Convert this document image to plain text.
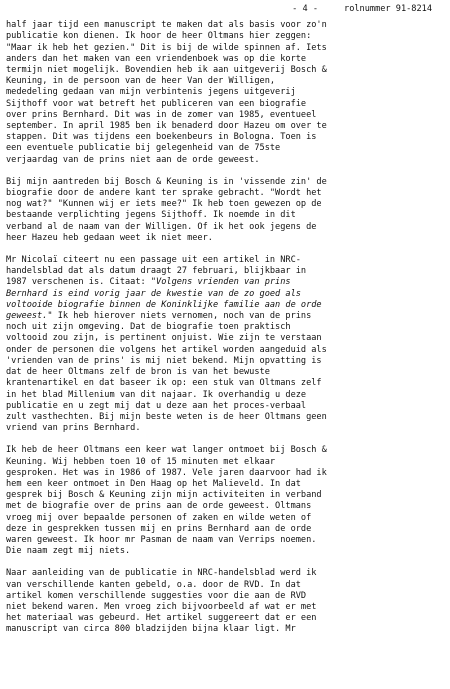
- 4 -	rolnummer 91-8214
half jaar tijd een manuscript te maken dat als basis voor zo'n
publicatie kon dienen. Ik hoor de heer Oltmans hier zeggen:
"Maar ik heb het gezien." Dit is bij de wilde spinnen af. Iets
anders dan het maken van een vriendenboek was op die korte
termijn niet mogelijk. Bovendien heb ik aan uitgeverij Bosch &
Keuning, in de persoon van de heer Van der Willigen,
mededeling gedaan van mijn verbintenis jegens uitgeverij
Sijthoff voor wat betreft het publiceren van een biografie
over prins Bernhard. Dit was in de zomer van 1985, eventueel
september. In april 1985 ben ik benaderd door Hazeu om over te
stappen. Dit was tijdens een boekenbeurs in Bologna. Toen is
een eventuele publicatie bij gelegenheid van de 75ste
verjaardag van de prins niet aan de orde geweest.
Bij mijn aantreden bij Bosch & Keuning is in 'vissende zin' de
biografie door de andere kant ter sprake gebracht. "Wordt het
nog wat?" "Kunnen wij er iets mee?" Ik heb toen gewezen op de
bestaande verplichting jegens Sijthoff. Ik noemde in dit
verband al de naam van der Willigen. Of ik het ook jegens de
heer Hazeu heb gedaan weet ik niet meer.
Mr Nicolaï citeert nu een passage uit een artikel in NRC-
handelsblad dat als datum draagt 27 februari, blijkbaar in
1987 verschenen is. Citaat: "Volgens vrienden van prins
Bernhard is eind vorig jaar de kwestie van de zo goed als
voltooide biografie binnen de Koninklijke familie aan de orde
geweest." Ik heb hierover niets vernomen, noch van de prins
noch uit zijn omgeving. Dat de biografie toen praktisch
voltooid zou zijn, is pertinent onjuist. Wie zijn te verstaan
onder de personen die volgens het artikel worden aangeduid als
'vrienden van de prins' is mij niet bekend. Mijn opvatting is
dat de heer Oltmans zelf de bron is van het bewuste
krantenartikel en dat baseer ik op: een stuk van Oltmans zelf
in het blad Millenium van dit najaar. Ik overhandig u deze
publicatie en u zegt mij dat u deze aan het proces-verbaal
zult vasthechten. Bij mijn beste weten is de heer Oltmans geen
vriend van prins Bernhard.
Ik heb de heer Oltmans een keer wat langer ontmoet bij Bosch &
Keuning. Wij hebben toen 10 of 15 minuten met elkaar
gesproken. Het was in 1986 of 1987. Vele jaren daarvoor had ik
hem een keer ontmoet in Den Haag op het Malieveld. In dat
gesprek bij Bosch & Keuning zijn mijn activiteiten in verband
met de biografie over de prins aan de orde geweest. Oltmans
vroeg mij over bepaalde personen of zaken en wilde weten of
deze in gesprekken tussen mij en prins Bernhard aan de orde
waren geweest. Ik hoor mr Pasman de naam van Verrips noemen.
Die naam zegt mij niets.
Naar aanleiding van de publicatie in NRC-handelsblad werd ik
van verschillende kanten gebeld, o.a. door de RVD. In dat
artikel komen verschillende suggesties voor die aan de RVD
niet bekend waren. Men vroeg zich bijvoorbeeld af wat er met
het materiaal was gebeurd. Het artikel suggereert dat er een
manuscript van circa 800 bladzijden bijna klaar ligt. Mr
